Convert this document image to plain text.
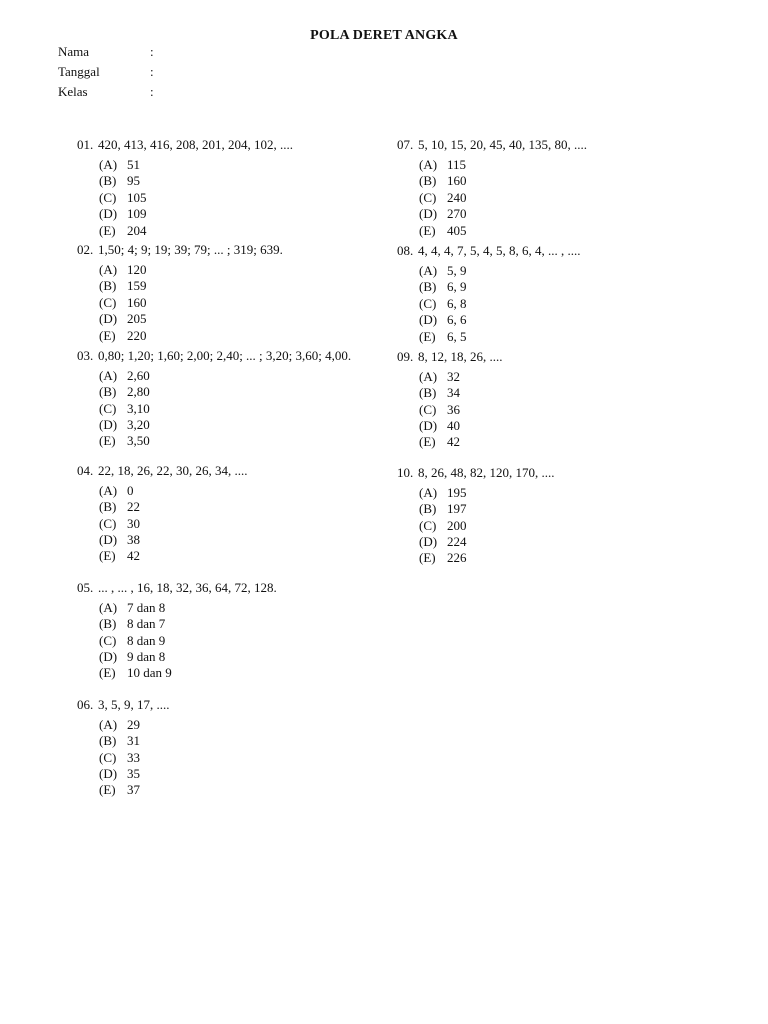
POLA DERET ANGKA
Nama	:
Tanggal	:
Kelas	:
01. 420, 413, 416, 208, 201, 204, 102, ....
(A) 51
(B) 95
(C) 105
(D) 109
(E) 204
02. 1,50; 4; 9; 19; 39; 79; ... ; 319; 639.
(A) 120
(B) 159
(C) 160
(D) 205
(E) 220
03. 0,80; 1,20; 1,60; 2,00; 2,40; ... ; 3,20; 3,60; 4,00.
(A) 2,60
(B) 2,80
(C) 3,10
(D) 3,20
(E) 3,50
04. 22, 18, 26, 22, 30, 26, 34, ....
(A) 0
(B) 22
(C) 30
(D) 38
(E) 42
05. ... , ... , 16, 18, 32, 36, 64, 72, 128.
(A) 7 dan 8
(B) 8 dan 7
(C) 8 dan 9
(D) 9 dan 8
(E) 10 dan 9
06. 3, 5, 9, 17, ....
(A) 29
(B) 31
(C) 33
(D) 35
(E) 37
07. 5, 10, 15, 20, 45, 40, 135, 80, ....
(A) 115
(B) 160
(C) 240
(D) 270
(E) 405
08. 4, 4, 4, 7, 5, 4, 5, 8, 6, 4, ... , ....
(A) 5, 9
(B) 6, 9
(C) 6, 8
(D) 6, 6
(E) 6, 5
09. 8, 12, 18, 26, ....
(A) 32
(B) 34
(C) 36
(D) 40
(E) 42
10. 8, 26, 48, 82, 120, 170, ....
(A) 195
(B) 197
(C) 200
(D) 224
(E) 226
